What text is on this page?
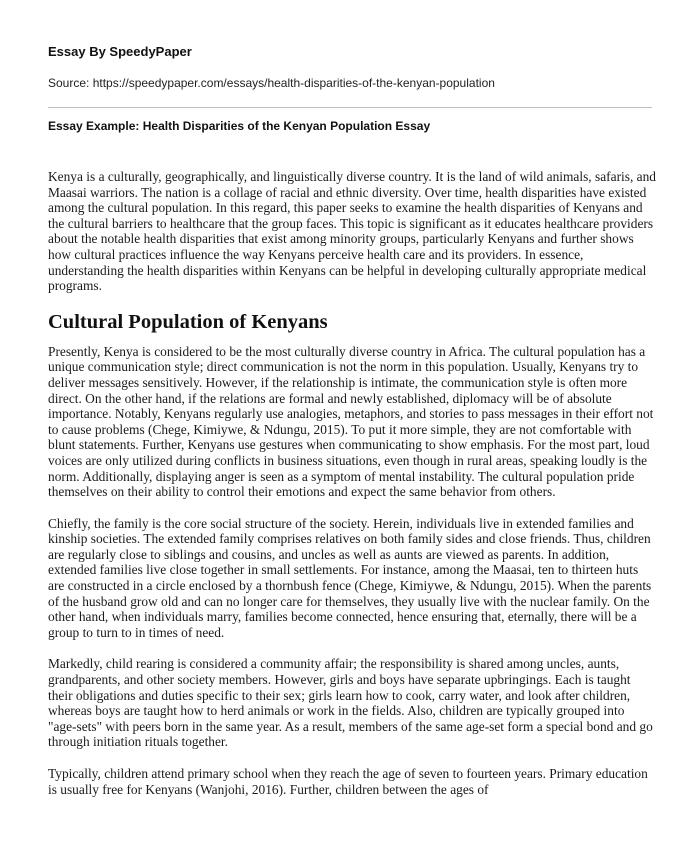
Essay By SpeedyPaper
Source: https://speedypaper.com/essays/health-disparities-of-the-kenyan-population
Essay Example: Health Disparities of the Kenyan Population Essay

Kenya is a culturally, geographically, and linguistically diverse country. It is the land of wild animals, safaris, and Maasai warriors. The nation is a collage of racial and ethnic diversity. Over time, health disparities have existed among the cultural population. In this regard, this paper seeks to examine the health disparities of Kenyans and the cultural barriers to healthcare that the group faces. This topic is significant as it educates healthcare providers about the notable health disparities that exist among minority groups, particularly Kenyans and further shows how cultural practices influence the way Kenyans perceive health care and its providers. In essence, understanding the health disparities within Kenyans can be helpful in developing culturally appropriate medical programs.

Cultural Population of Kenyans

Presently, Kenya is considered to be the most culturally diverse country in Africa. The cultural population has a unique communication style; direct communication is not the norm in this population. Usually, Kenyans try to deliver messages sensitively. However, if the relationship is intimate, the communication style is often more direct. On the other hand, if the relations are formal and newly established, diplomacy will be of absolute importance. Notably, Kenyans regularly use analogies, metaphors, and stories to pass messages in their effort not to cause problems (Chege, Kimiywe, & Ndungu, 2015). To put it more simple, they are not comfortable with blunt statements. Further, Kenyans use gestures when communicating to show emphasis. For the most part, loud voices are only utilized during conflicts in business situations, even though in rural areas, speaking loudly is the norm. Additionally, displaying anger is seen as a symptom of mental instability. The cultural population pride themselves on their ability to control their emotions and expect the same behavior from others.

Chiefly, the family is the core social structure of the society. Herein, individuals live in extended families and kinship societies. The extended family comprises relatives on both family sides and close friends. Thus, children are regularly close to siblings and cousins, and uncles as well as aunts are viewed as parents. In addition, extended families live close together in small settlements. For instance, among the Maasai, ten to thirteen huts are constructed in a circle enclosed by a thornbush fence (Chege, Kimiywe, & Ndungu, 2015). When the parents of the husband grow old and can no longer care for themselves, they usually live with the nuclear family. On the other hand, when individuals marry, families become connected, hence ensuring that, eternally, there will be a group to turn to in times of need.

Markedly, child rearing is considered a community affair; the responsibility is shared among uncles, aunts, grandparents, and other society members. However, girls and boys have separate upbringings. Each is taught their obligations and duties specific to their sex; girls learn how to cook, carry water, and look after children, whereas boys are taught how to herd animals or work in the fields. Also, children are typically grouped into "age-sets" with peers born in the same year. As a result, members of the same age-set form a special bond and go through initiation rituals together.

Typically, children attend primary school when they reach the age of seven to fourteen years. Primary education is usually free for Kenyans (Wanjohi, 2016). Further, children between the ages of
